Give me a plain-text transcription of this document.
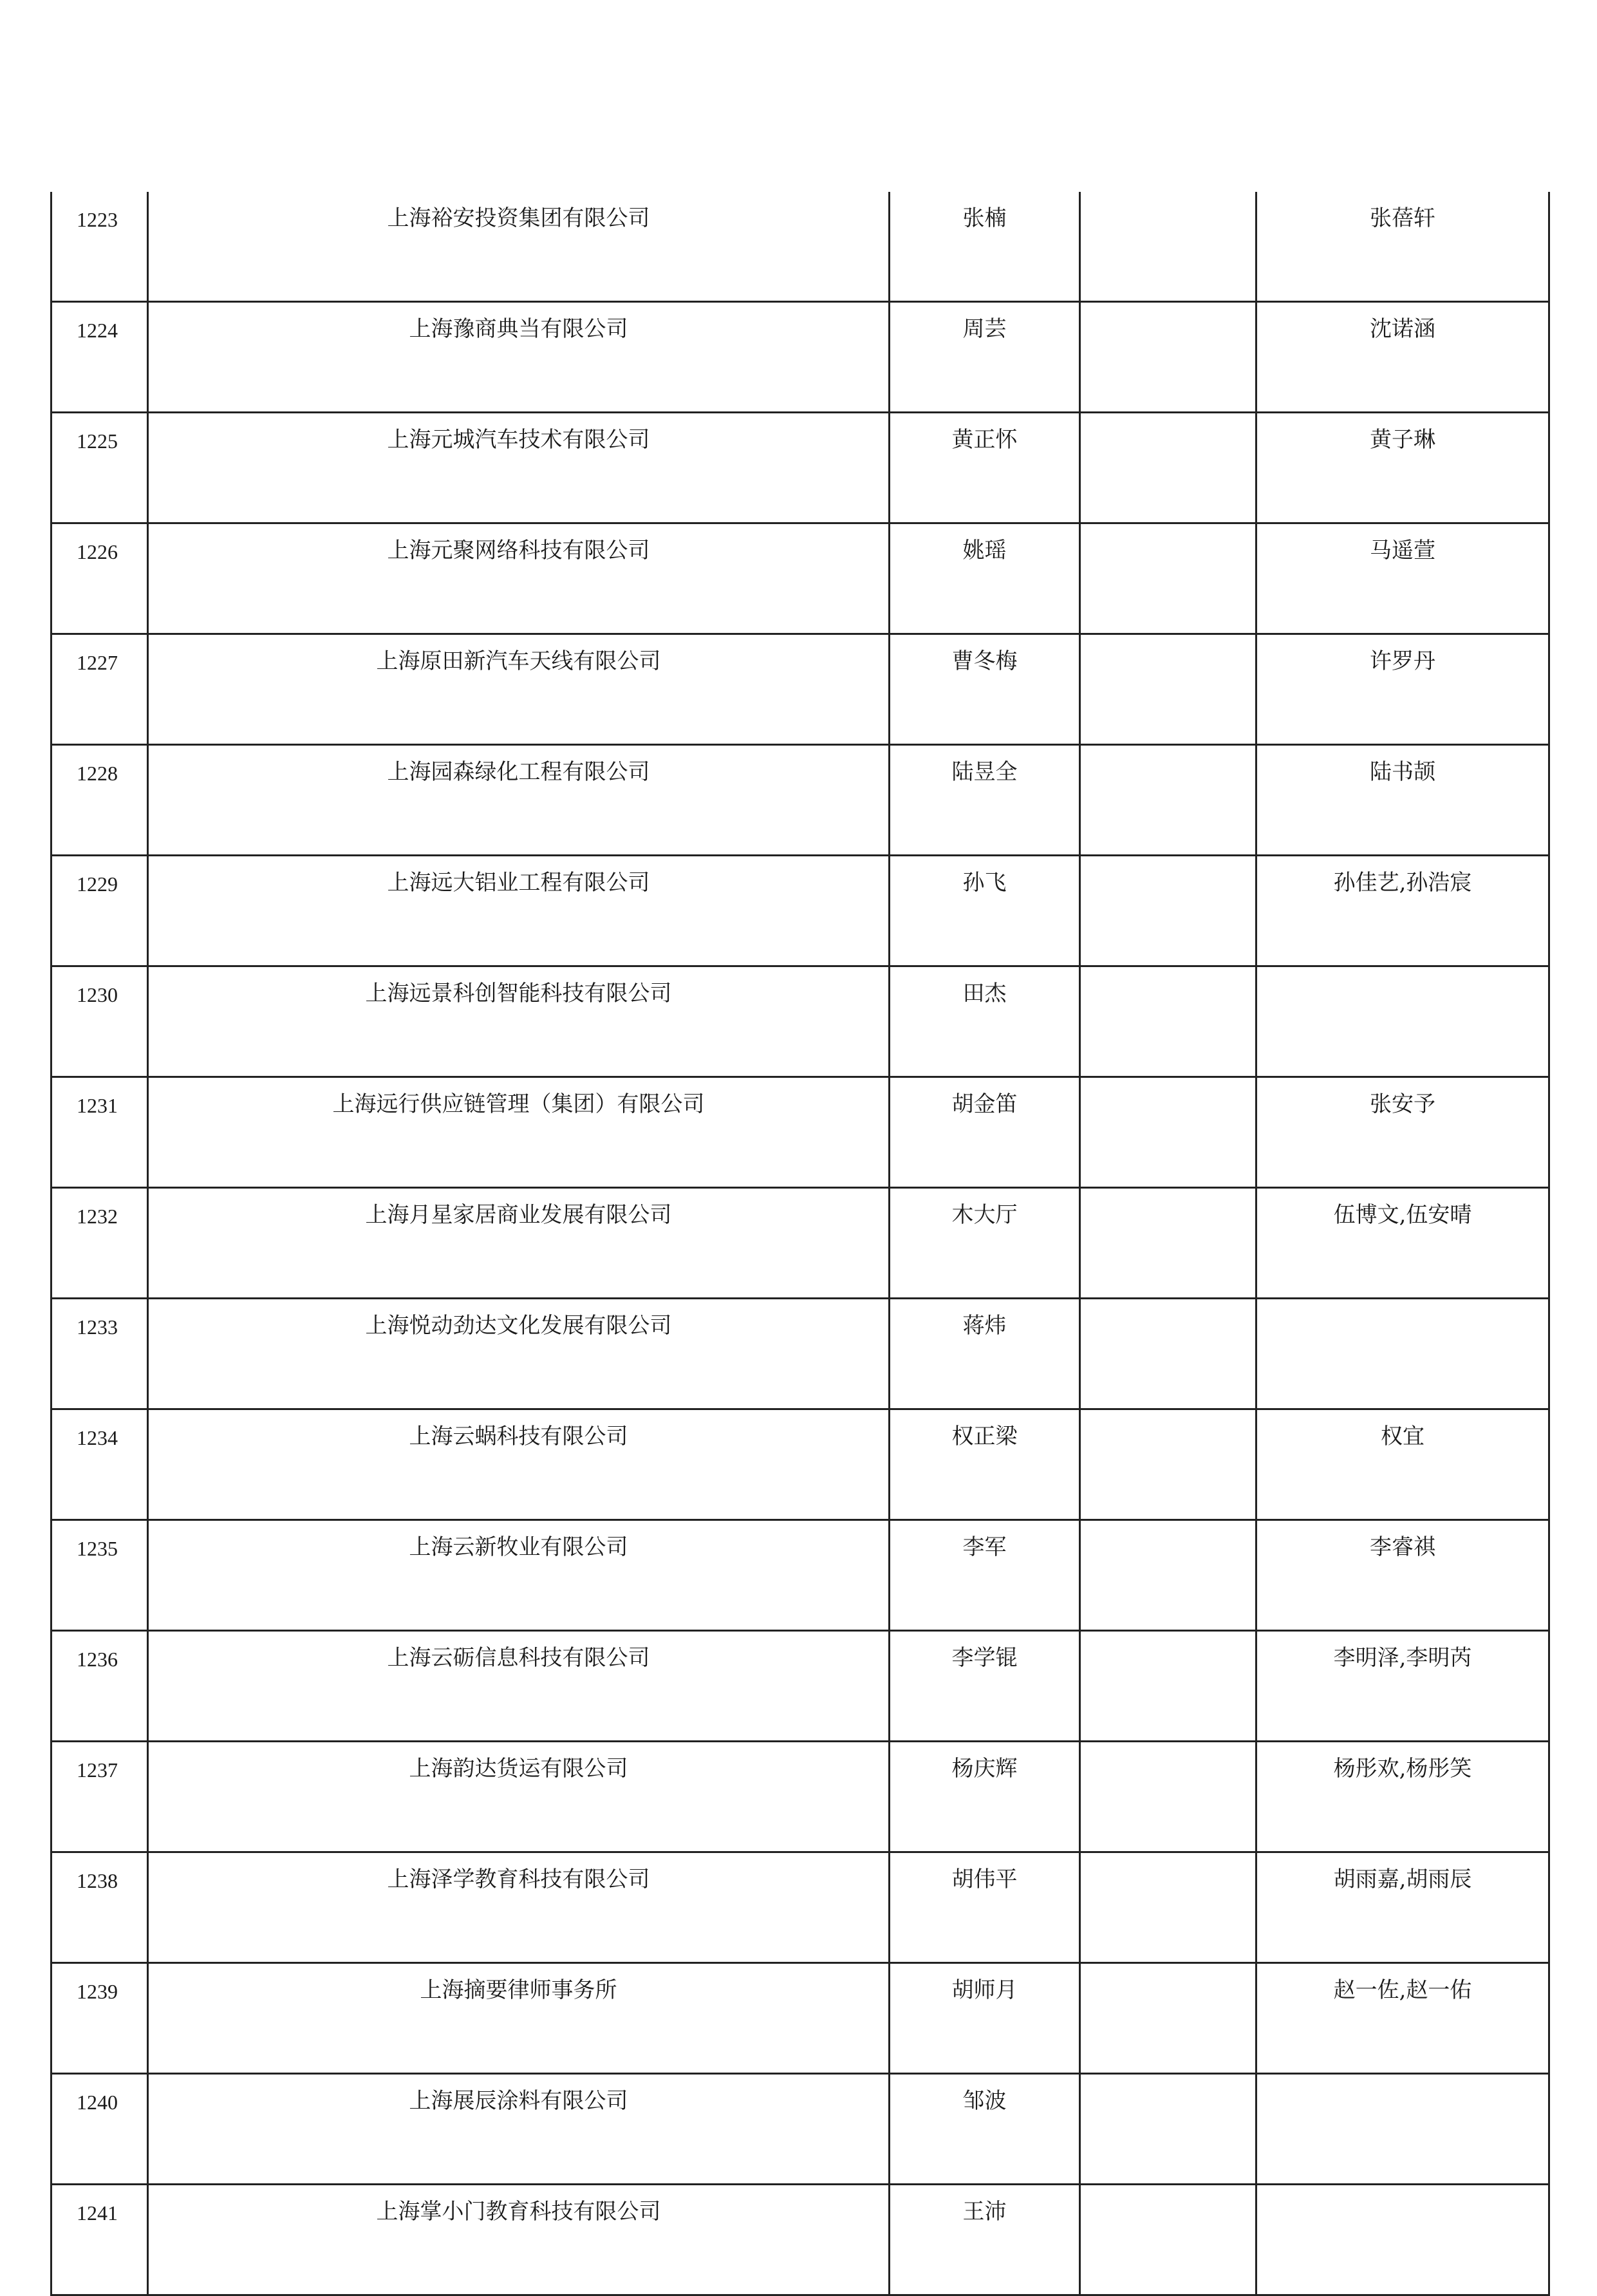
1223	上海裕安投资集团有限公司	张楠		张蓓轩
1224	上海豫商典当有限公司	周芸		沈诺涵
1225	上海元城汽车技术有限公司	黄正怀		黄子琳
1226	上海元聚网络科技有限公司	姚瑶		马遥萱
1227	上海原田新汽车天线有限公司	曹冬梅		许罗丹
1228	上海园森绿化工程有限公司	陆昱全		陆书颉
1229	上海远大铝业工程有限公司	孙飞		孙佳艺,孙浩宸
1230	上海远景科创智能科技有限公司	田杰		
1231	上海远行供应链管理（集团）有限公司	胡金笛		张安予
1232	上海月星家居商业发展有限公司	木大厅		伍博文,伍安晴
1233	上海悦动劲达文化发展有限公司	蒋炜		
1234	上海云蜗科技有限公司	权正梁		权宜
1235	上海云新牧业有限公司	李军		李睿祺
1236	上海云砺信息科技有限公司	李学锟		李明泽,李明芮
1237	上海韵达货运有限公司	杨庆辉		杨彤欢,杨彤笑
1238	上海泽学教育科技有限公司	胡伟平		胡雨嘉,胡雨辰
1239	上海摘要律师事务所	胡师月		赵一佐,赵一佑
1240	上海展辰涂料有限公司	邹波		
1241	上海掌小门教育科技有限公司	王沛		
